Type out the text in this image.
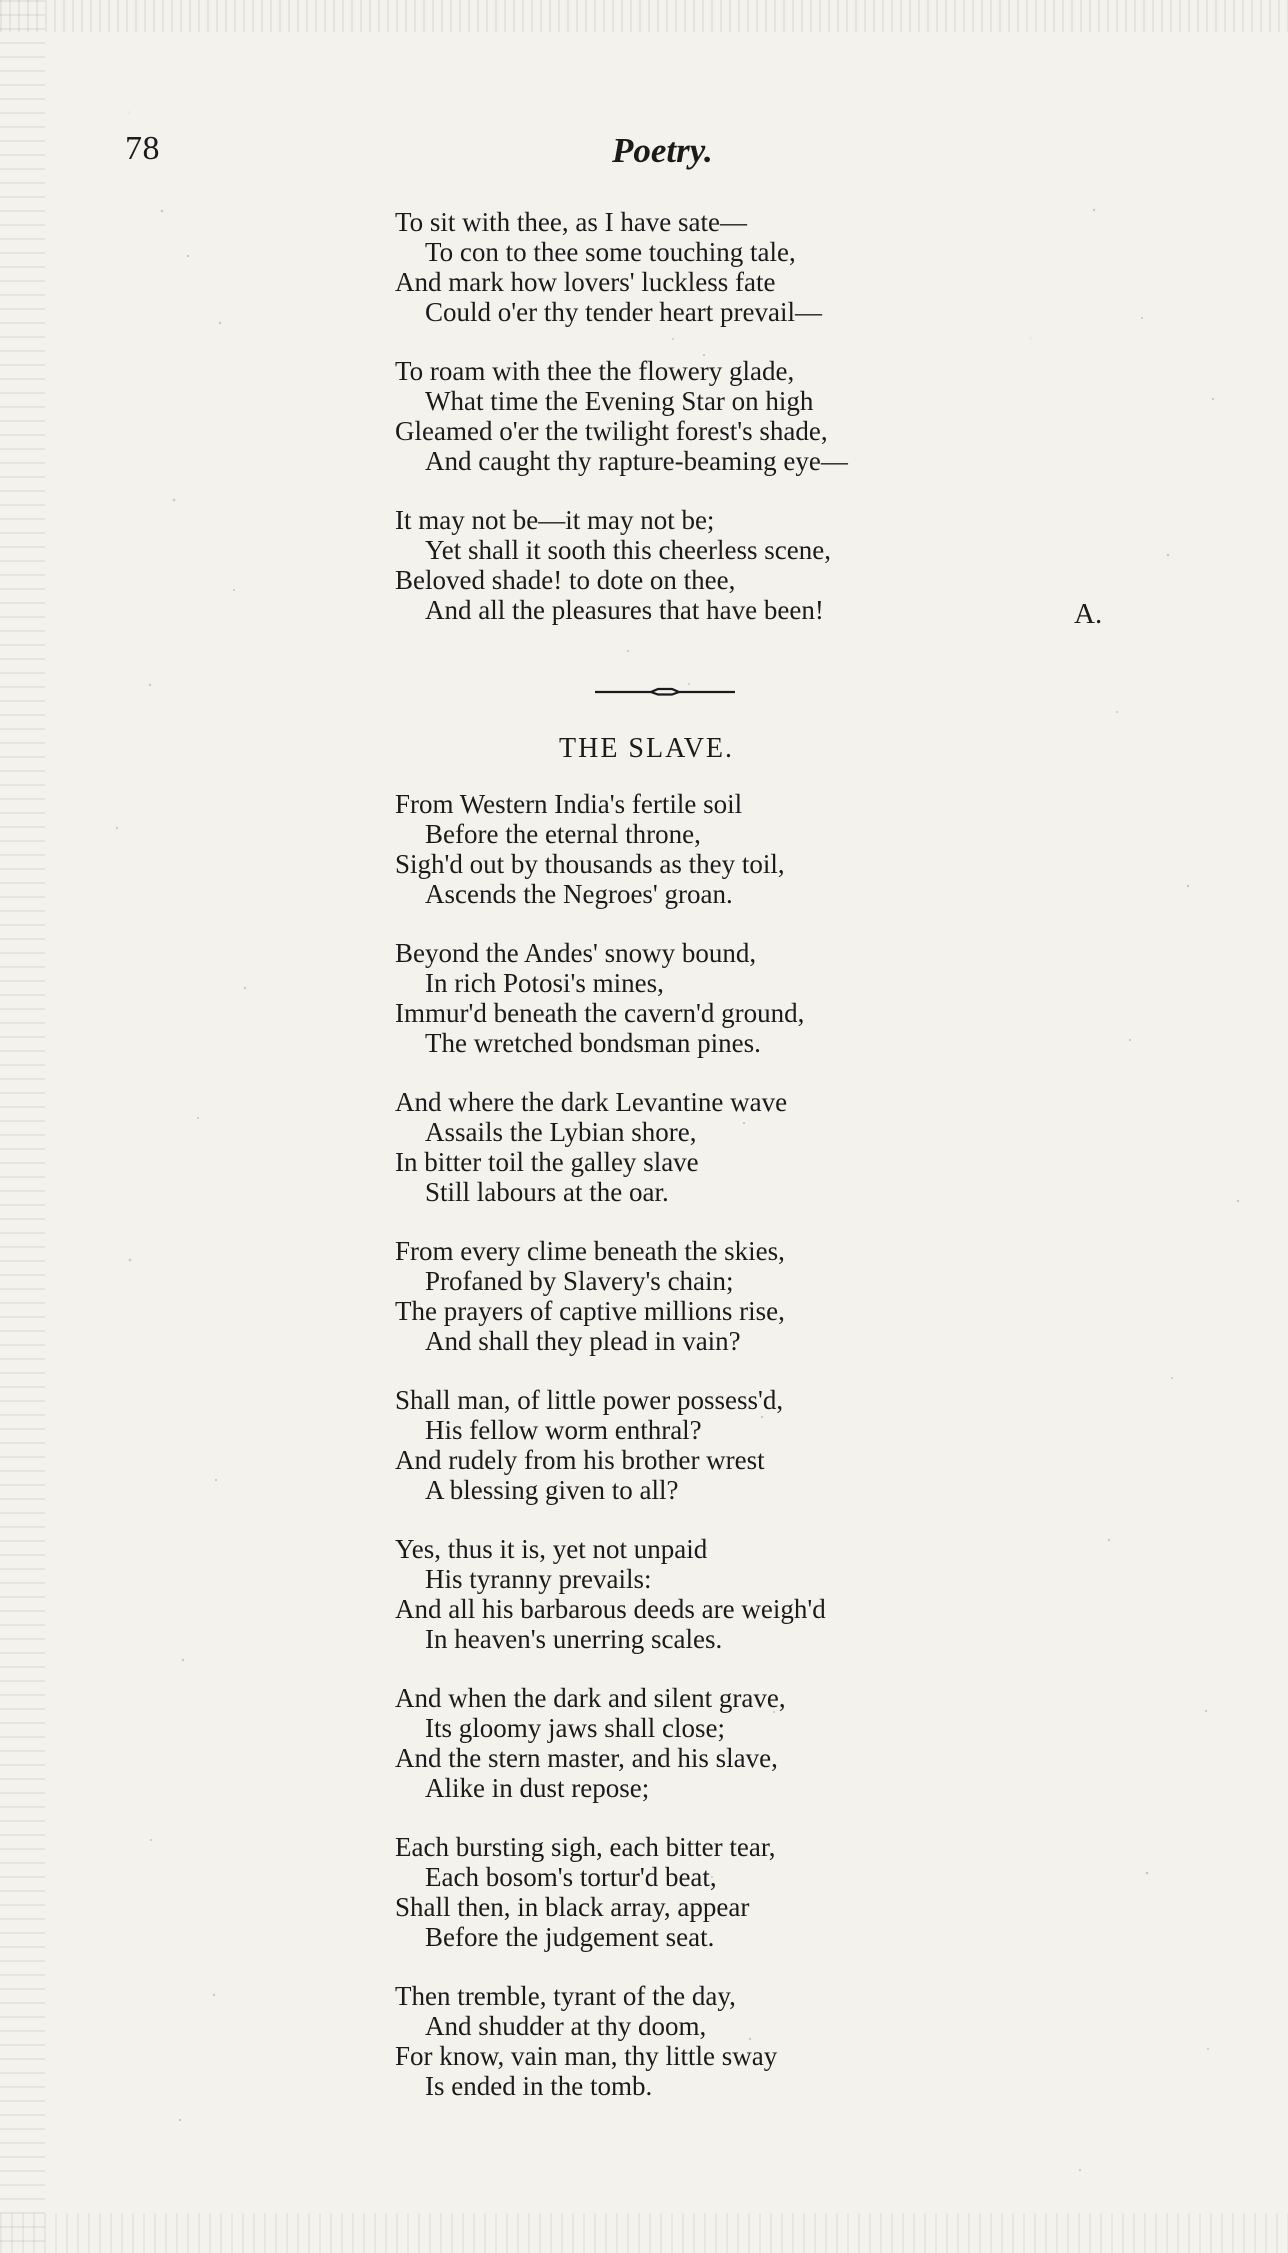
78	Poetry.
To sit with thee, as I have sate—
To con to thee some touching tale,
And mark how lovers' luckless fate
Could o'er thy tender heart prevail—
To roam with thee the flowery glade,
What time the Evening Star on high
Gleamed o'er the twilight forest's shade,
And caught thy rapture-beaming eye—
It may not be—it may not be;
Yet shall it sooth this cheerless scene,
Beloved shade! to dote on thee,
And all the pleasures that have been!	A.
THE SLAVE.
From Western India's fertile soil
Before the eternal throne,
Sigh'd out by thousands as they toil,
Ascends the Negroes' groan.
Beyond the Andes' snowy bound,
In rich Potosi's mines,
Immur'd beneath the cavern'd ground,
The wretched bondsman pines.
And where the dark Levantine wave
Assails the Lybian shore,
In bitter toil the galley slave
Still labours at the oar.
From every clime beneath the skies,
Profaned by Slavery's chain;
The prayers of captive millions rise,
And shall they plead in vain?
Shall man, of little power possess'd,
His fellow worm enthral?
And rudely from his brother wrest
A blessing given to all?
Yes, thus it is, yet not unpaid
His tyranny prevails:
And all his barbarous deeds are weigh'd
In heaven's unerring scales.
And when the dark and silent grave,
Its gloomy jaws shall close;
And the stern master, and his slave,
Alike in dust repose;
Each bursting sigh, each bitter tear,
Each bosom's tortur'd beat,
Shall then, in black array, appear
Before the judgement seat.
Then tremble, tyrant of the day,
And shudder at thy doom,
For know, vain man, thy little sway
Is ended in the tomb.
